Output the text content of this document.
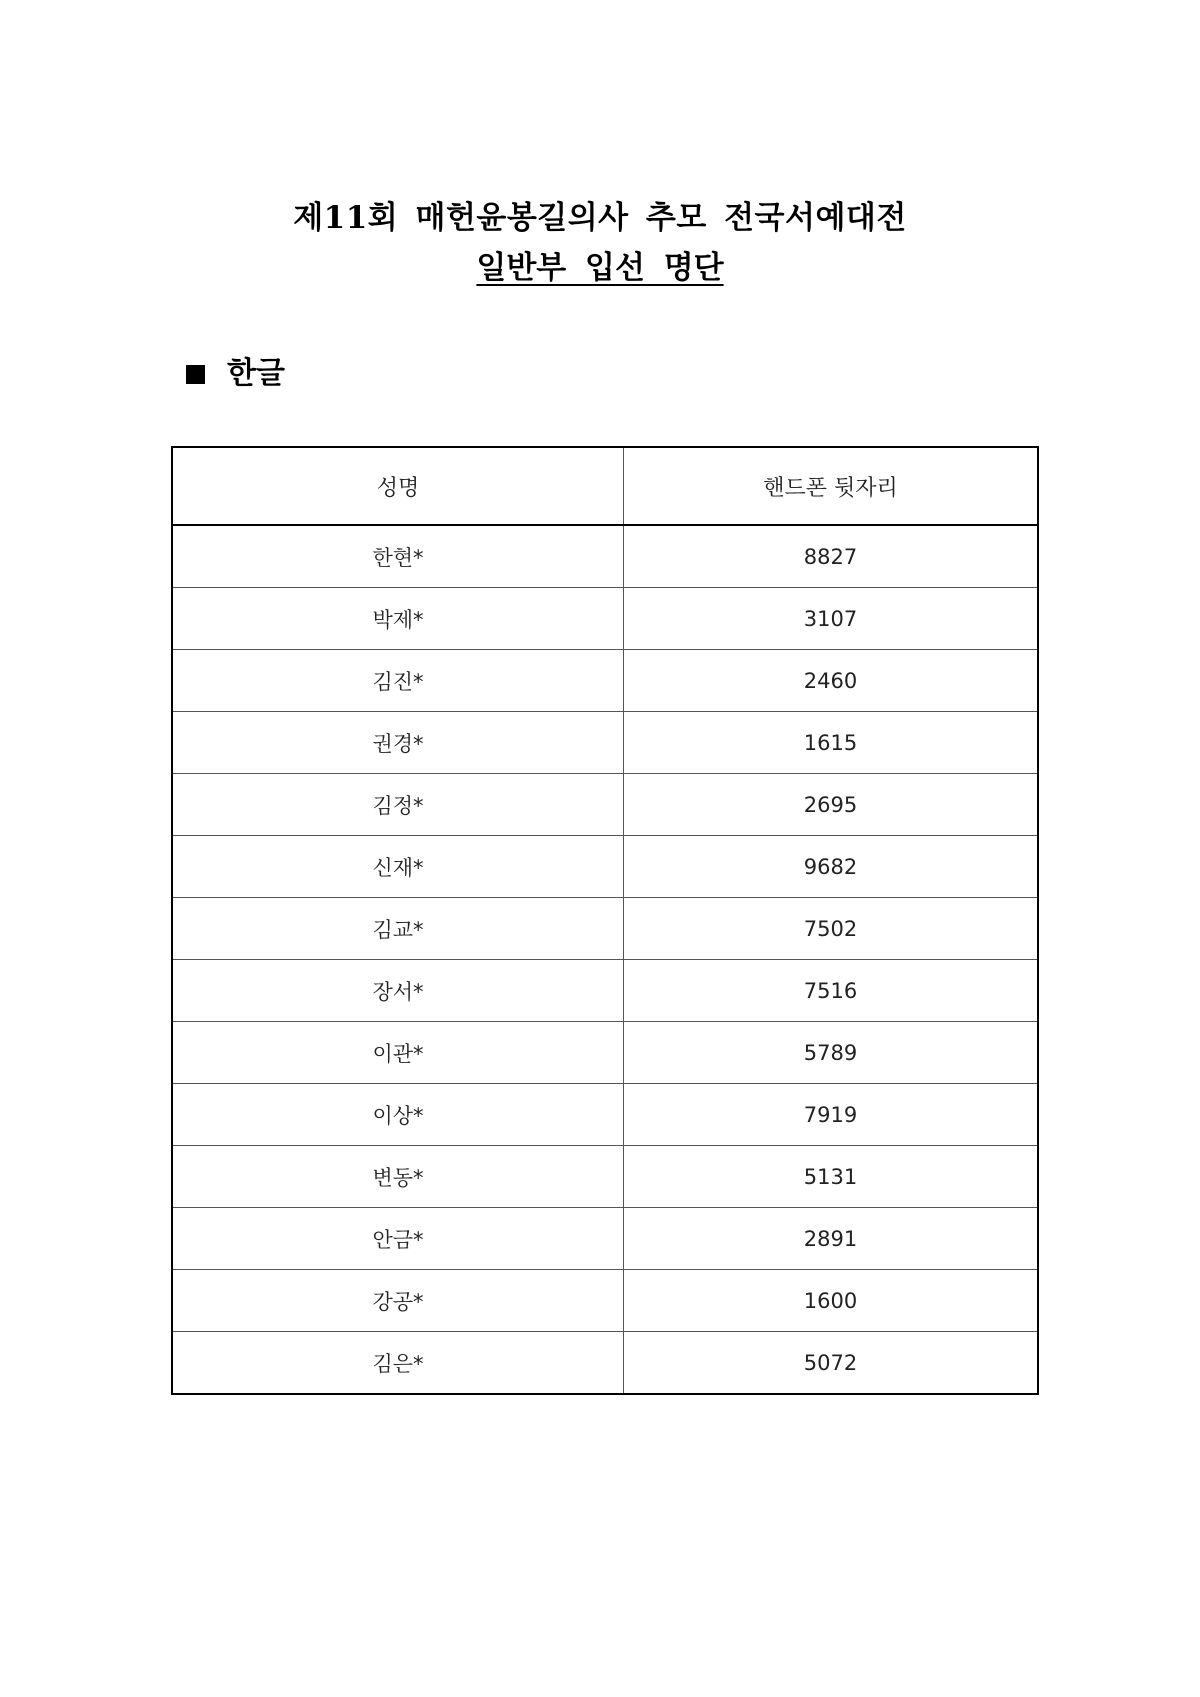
제11회 매헌윤봉길의사 추모 전국서예대전
일반부 입선 명단
한글
성명	핸드폰 뒷자리
한현*	8827
박제*	3107
김진*	2460
권경*	1615
김정*	2695
신재*	9682
김교*	7502
장서*	7516
이관*	5789
이상*	7919
변동*	5131
안금*	2891
강공*	1600
김은*	5072
